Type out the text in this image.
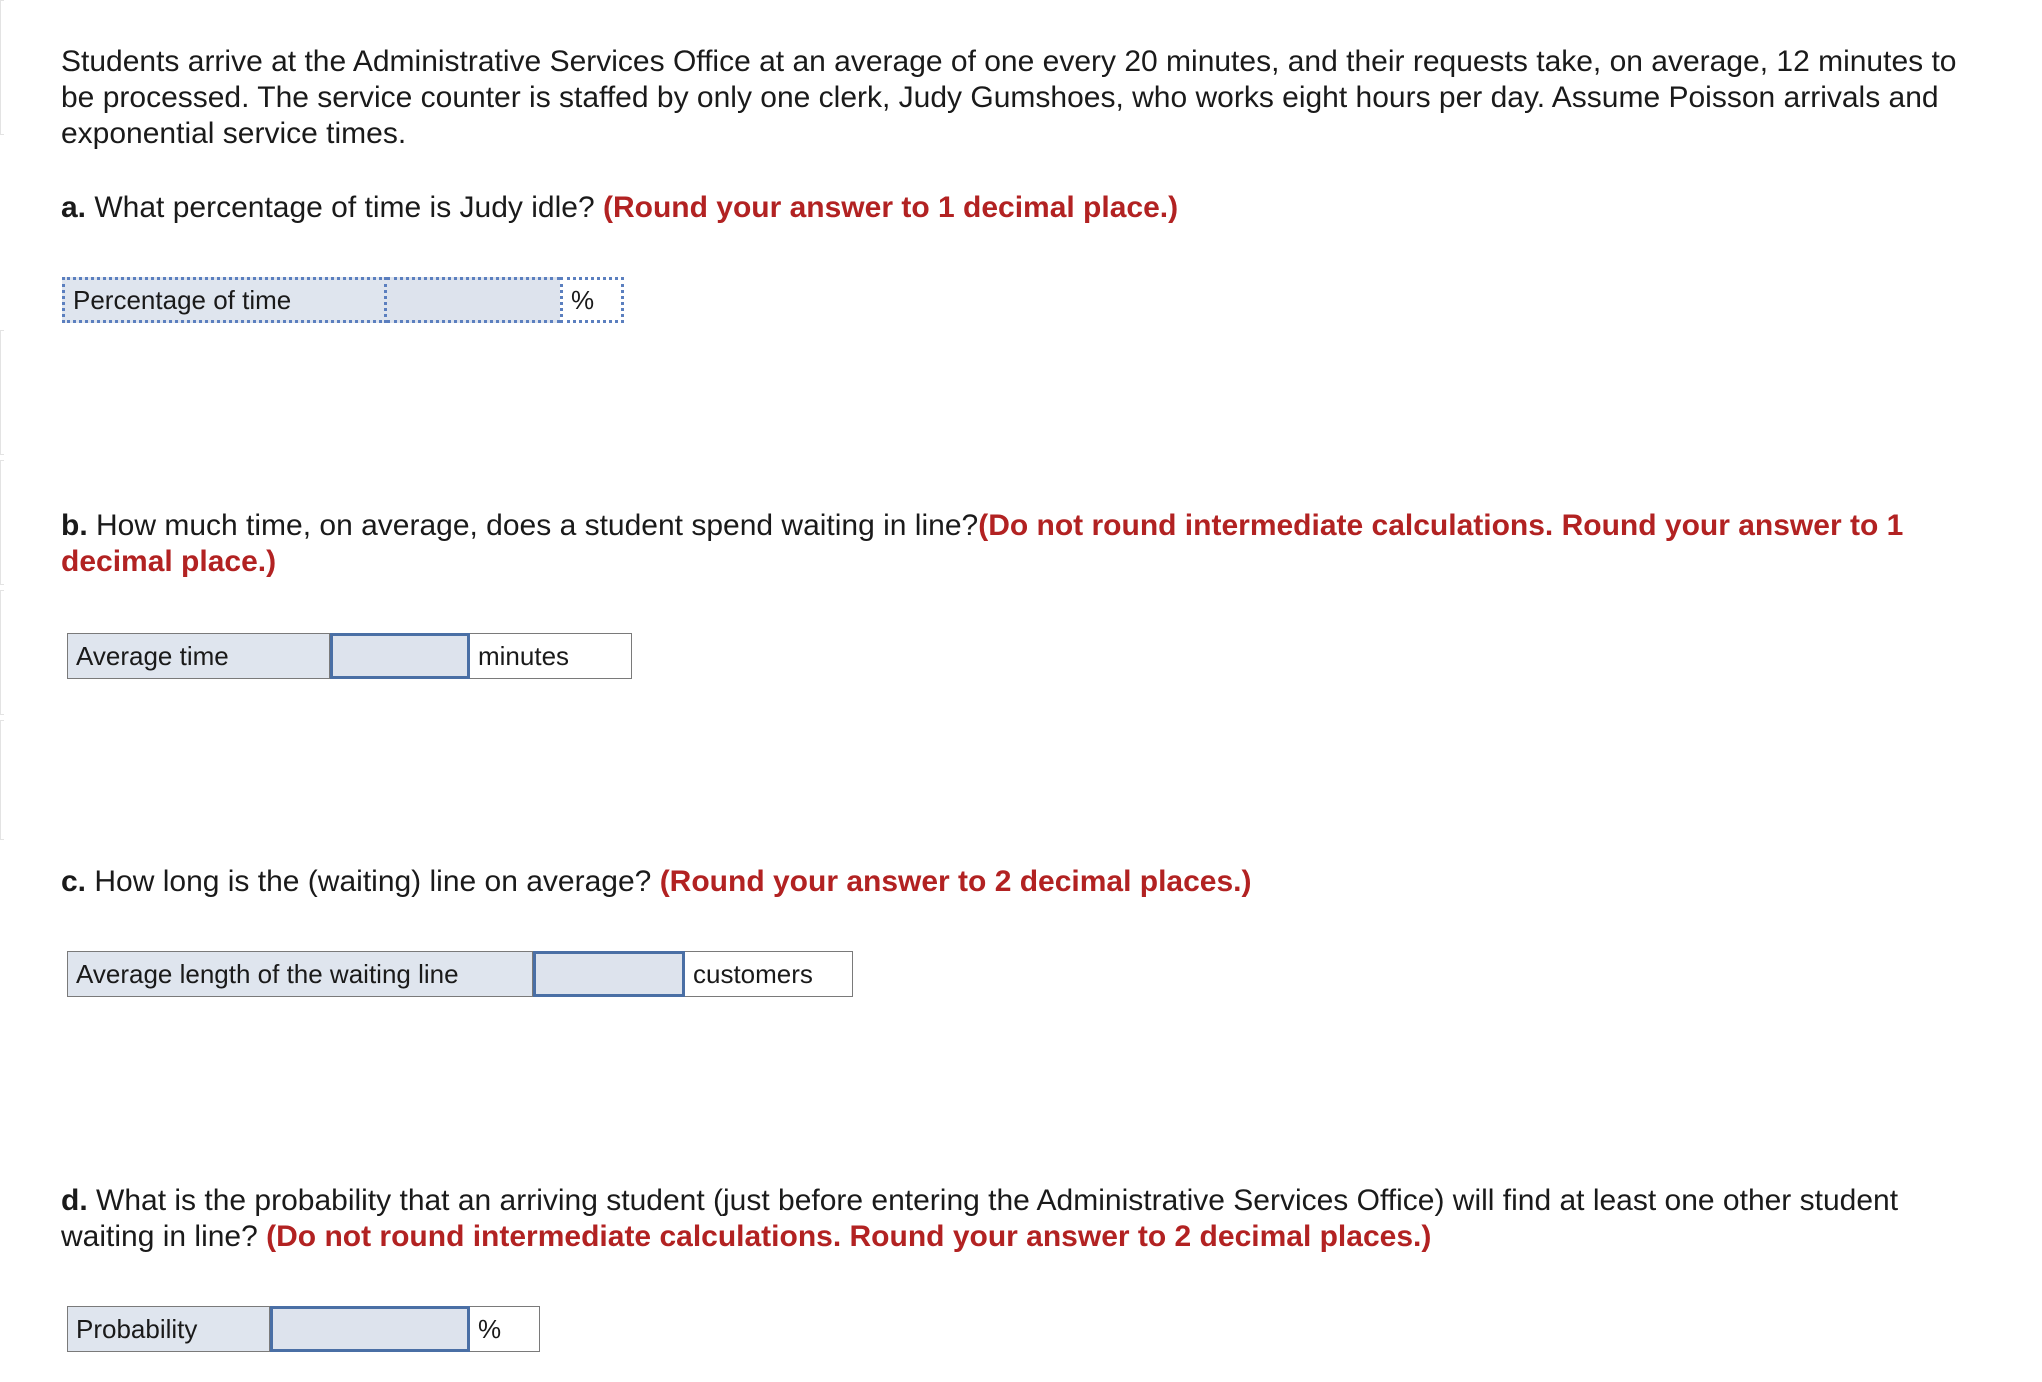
Students arrive at the Administrative Services Office at an average of one every 20 minutes, and their requests take, on average, 12 minutes to be processed. The service counter is staffed by only one clerk, Judy Gumshoes, who works eight hours per day. Assume Poisson arrivals and exponential service times.

a. What percentage of time is Judy idle? (Round your answer to 1 decimal place.)

Percentage of time	%

b. How much time, on average, does a student spend waiting in line?(Do not round intermediate calculations. Round your answer to 1 decimal place.)

Average time	minutes

c. How long is the (waiting) line on average? (Round your answer to 2 decimal places.)

Average length of the waiting line	customers

d. What is the probability that an arriving student (just before entering the Administrative Services Office) will find at least one other student waiting in line? (Do not round intermediate calculations. Round your answer to 2 decimal places.)

Probability	%
